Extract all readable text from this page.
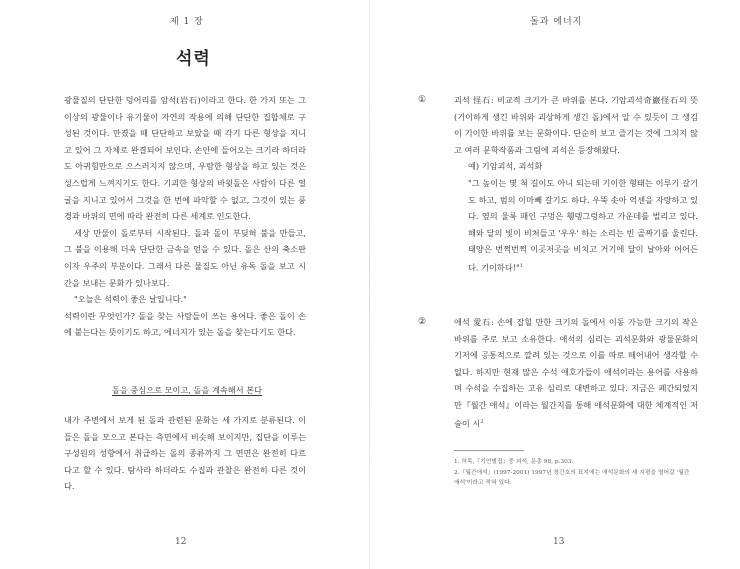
제 1 장
석력

광물질의 단단한 덩어리를 암석(岩石)이라고 한다. 한 가지 또는 그 이상의 광물이나 유기물이 자연의 작용에 의해 단단한 집합체로 구성된 것이다. 만졌을 때 단단하고 보았을 때 각기 다른 형상을 지니고 있어 그 자체로 완결되어 보인다. 손안에 들어오는 크기라 하더라도 아귀힘만으로 으스러지지 않으며, 우람한 형상을 하고 있는 것은 성스럽게 느껴지기도 한다. 기괴한 형상의 바윗돌은 사람이 다른 얼굴을 지니고 있어서 그것을 한 번에 파악할 수 없고, 그것이 있는 풍경과 바위의 면에 따라 완전히 다른 세계로 인도한다.

세상 만물이 돌로부터 시작된다. 돌과 돌이 부딪혀 불을 만들고, 그 불을 이용해 더욱 단단한 금속을 얻을 수 있다. 돌은 산의 축소판이자 우주의 부분이다. 그래서 다른 물질도 아닌 유독 돌을 보고 시간을 보내는 문화가 있나보다.

"오늘은 석력이 좋은 날입니다."

석력이란 무엇인가? 돌을 찾는 사람들이 쓰는 용어다. 좋은 돌이 손에 붙는다는 뜻이기도 하고, 에너지가 있는 돌을 찾는다기도 한다.

돌을 중심으로 모이고, 돌을 계속해서 본다

내가 주변에서 보게 된 돌과 관련된 문화는 세 가지로 분류된다. 이들은 돌을 모으고 본다는 측면에서 비슷해 보이지만, 집단을 이루는 구성원의 성향에서 취급하는 돌의 종류까지 그 면면은 완전히 다르다고 할 수 있다. 탐사라 하더라도 수집과 관찰은 완전히 다른 것이다.

12
돌과 에너지
①	괴석 怪石: 비교적 크기가 큰 바위를 본다. 기암괴석奇巖怪石의 뜻(기이하게 생긴 바위와 괴상하게 생긴 돌)에서 알 수 있듯이 그 생김이 기이한 바위를 보는 문화이다. 단순히 보고 즐기는 것에 그치지 않고 여러 문학작품과 그림에 괴석은 등장해왔다.

예) 기암괴석, 괴석화

"그 높이는 몇 척 길이도 아니 되는데 기이한 형태는 이루기 갈기도 하고, 범의 이마빼 갈기도 하다. 우뚝 솟아 억센을 자랑하고 있다. 옆의 울룩 패인 구멍은 휑뎅그렁하고 가운데를 벌리고 있다. 해와 달의 빛이 비쳐들고 '우우' 하는 소리는 빈 골짜기를 울린다. 태양은 번쩍번쩍 이곳저곳을 비치고 거기에 달이 날아와 어어든다. 기이하다!"$^1$

②	애석 愛石: 손에 잡힐 만한 크기의 돌에서 이동 가능한 크기의 작은 바위를 주로 보고 소유한다. 애석의 심리는 괴석문화와 광물문화의 기저에 공통적으로 깔려 있는 것으로 이를 따로 떼어내어 생각할 수 없다. 하지만 현재 많은 수석 애호가들이 애석이라는 용어를 사용하며 수석을 수집하는 고유 심리로 대변하고 있다. 지금은 폐간되었지만『월간 애석』이라는 월간지를 통해 애석문화에 대한 체계적인 저술이 시$^2$

1. 허목,『기언별집』중 괴석, 문총 98, p.303.

2.『월간애석』(1997-2001) 1997년 창간호의 표지에는 애석문화의 세 지평을 열어갈 '월간애석'이라고 적혀 있다.

13
